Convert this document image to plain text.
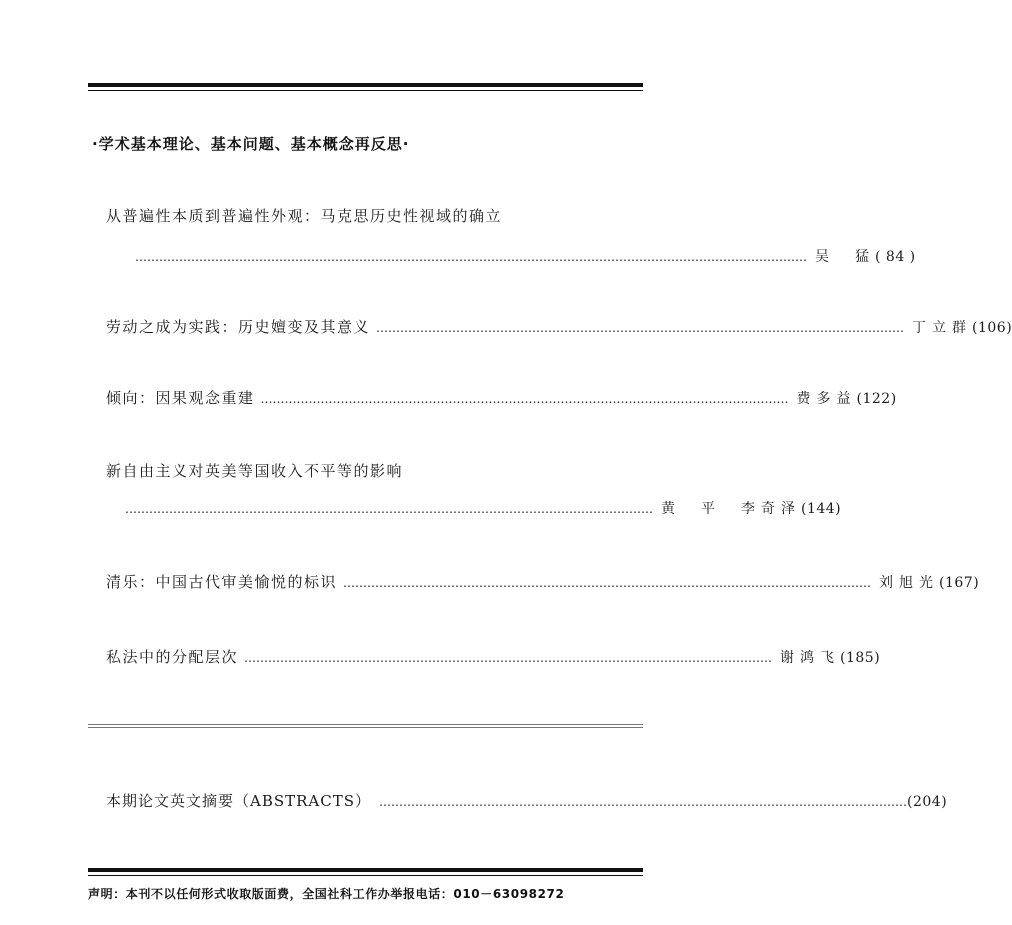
·学术基本理论、基本问题、基本概念再反思·
从普遍性本质到普遍性外观：马克思历史性视域的确立
…………………………………………………………………………………………………………………………………………………… 吴　猛 ( 84 )
劳动之成为实践：历史嬗变及其意义 …………………………………………………………………………………………………………………… 丁立群 (106)
倾向：因果观念重建 …………………………………………………………………………………………………………………… 费多益 (122)
新自由主义对英美等国收入不平等的影响
…………………………………………………………………………………………………………………… 黄　平　李奇泽 (144)
清乐：中国古代审美愉悦的标识 …………………………………………………………………………………………………………………… 刘旭光 (167)
私法中的分配层次 …………………………………………………………………………………………………………………… 谢鸿飞 (185)
本期论文英文摘要（ABSTRACTS） …………………………………………………………………………………………………………………… (204)
声明：本刊不以任何形式收取版面费，全国社科工作办举报电话：010－63098272
